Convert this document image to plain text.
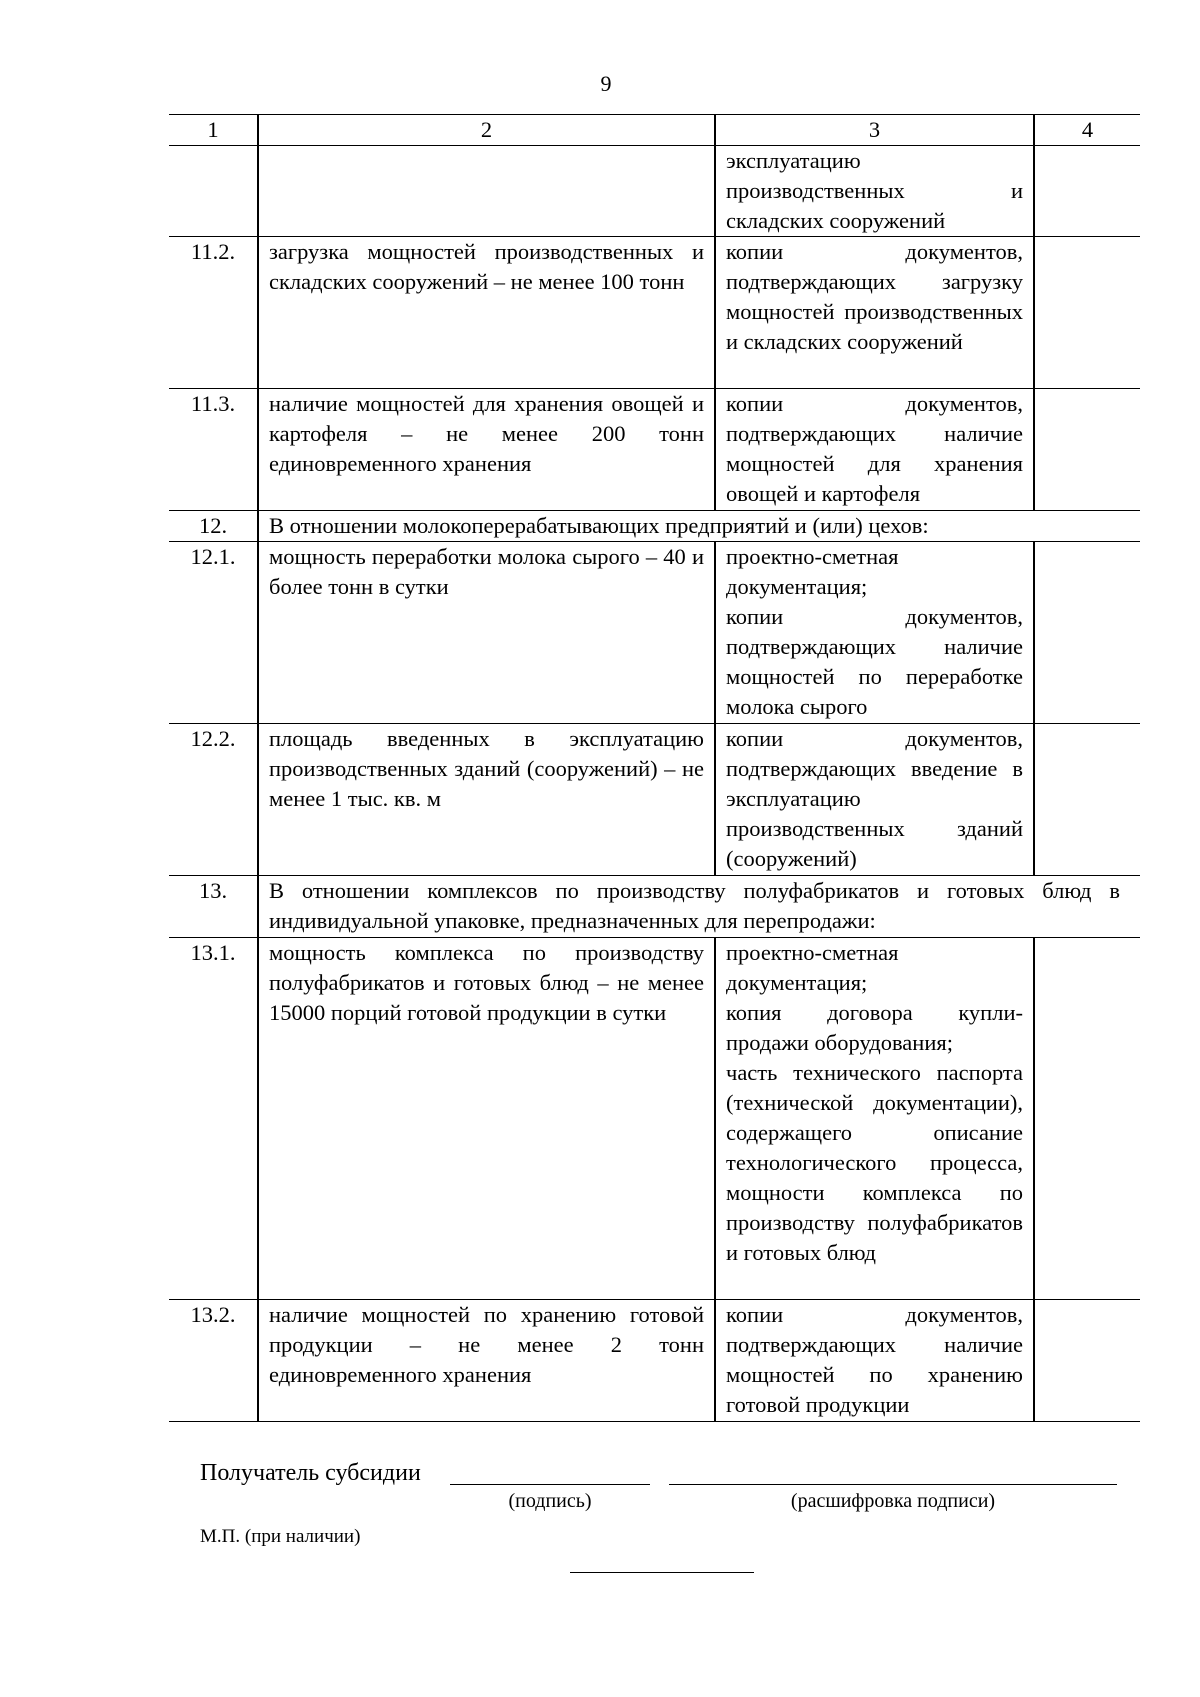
9
1	2	3	4
		эксплуатацию производственных и складских сооружений	
11.2.	загрузка мощностей производственных и складских сооружений – не менее 100 тонн	копии документов, подтверждающих загрузку мощностей производственных и складских сооружений	
11.3.	наличие мощностей для хранения овощей и картофеля – не менее 200 тонн единовременного хранения	копии документов, подтверждающих наличие мощностей для хранения овощей и картофеля	
12.	В отношении молокоперерабатывающих предприятий и (или) цехов:		
12.1.	мощность переработки молока сырого – 40 и более тонн в сутки	проектно-сметная документация;
копии документов, подтверждающих наличие мощностей по переработке молока сырого	

12.2.	площадь введенных в эксплуатацию производственных зданий (сооружений) – не менее 1 тыс. кв. м	копии документов, подтверждающих введение в эксплуатацию производственных зданий (сооружений)	
13.	В отношении комплексов по производству полуфабрикатов и готовых блюд в индивидуальной упаковке, предназначенных для перепродажи:		
13.1.	мощность комплекса по производству полуфабрикатов и готовых блюд – не менее 15000 порций готовой продукции в сутки	проектно-сметная документация;
копия договора купли-продажи оборудования;
часть технического паспорта (технической документации), содержащего описание технологического процесса, мощности комплекса по производству полуфабрикатов и готовых блюд	

13.2.	наличие мощностей по хранению готовой продукции – не менее 2 тонн единовременного хранения	копии документов, подтверждающих наличие мощностей по хранению готовой продукции	
Получатель субсидии
(подпись)	(расшифровка подписи)
М.П. (при наличии)
